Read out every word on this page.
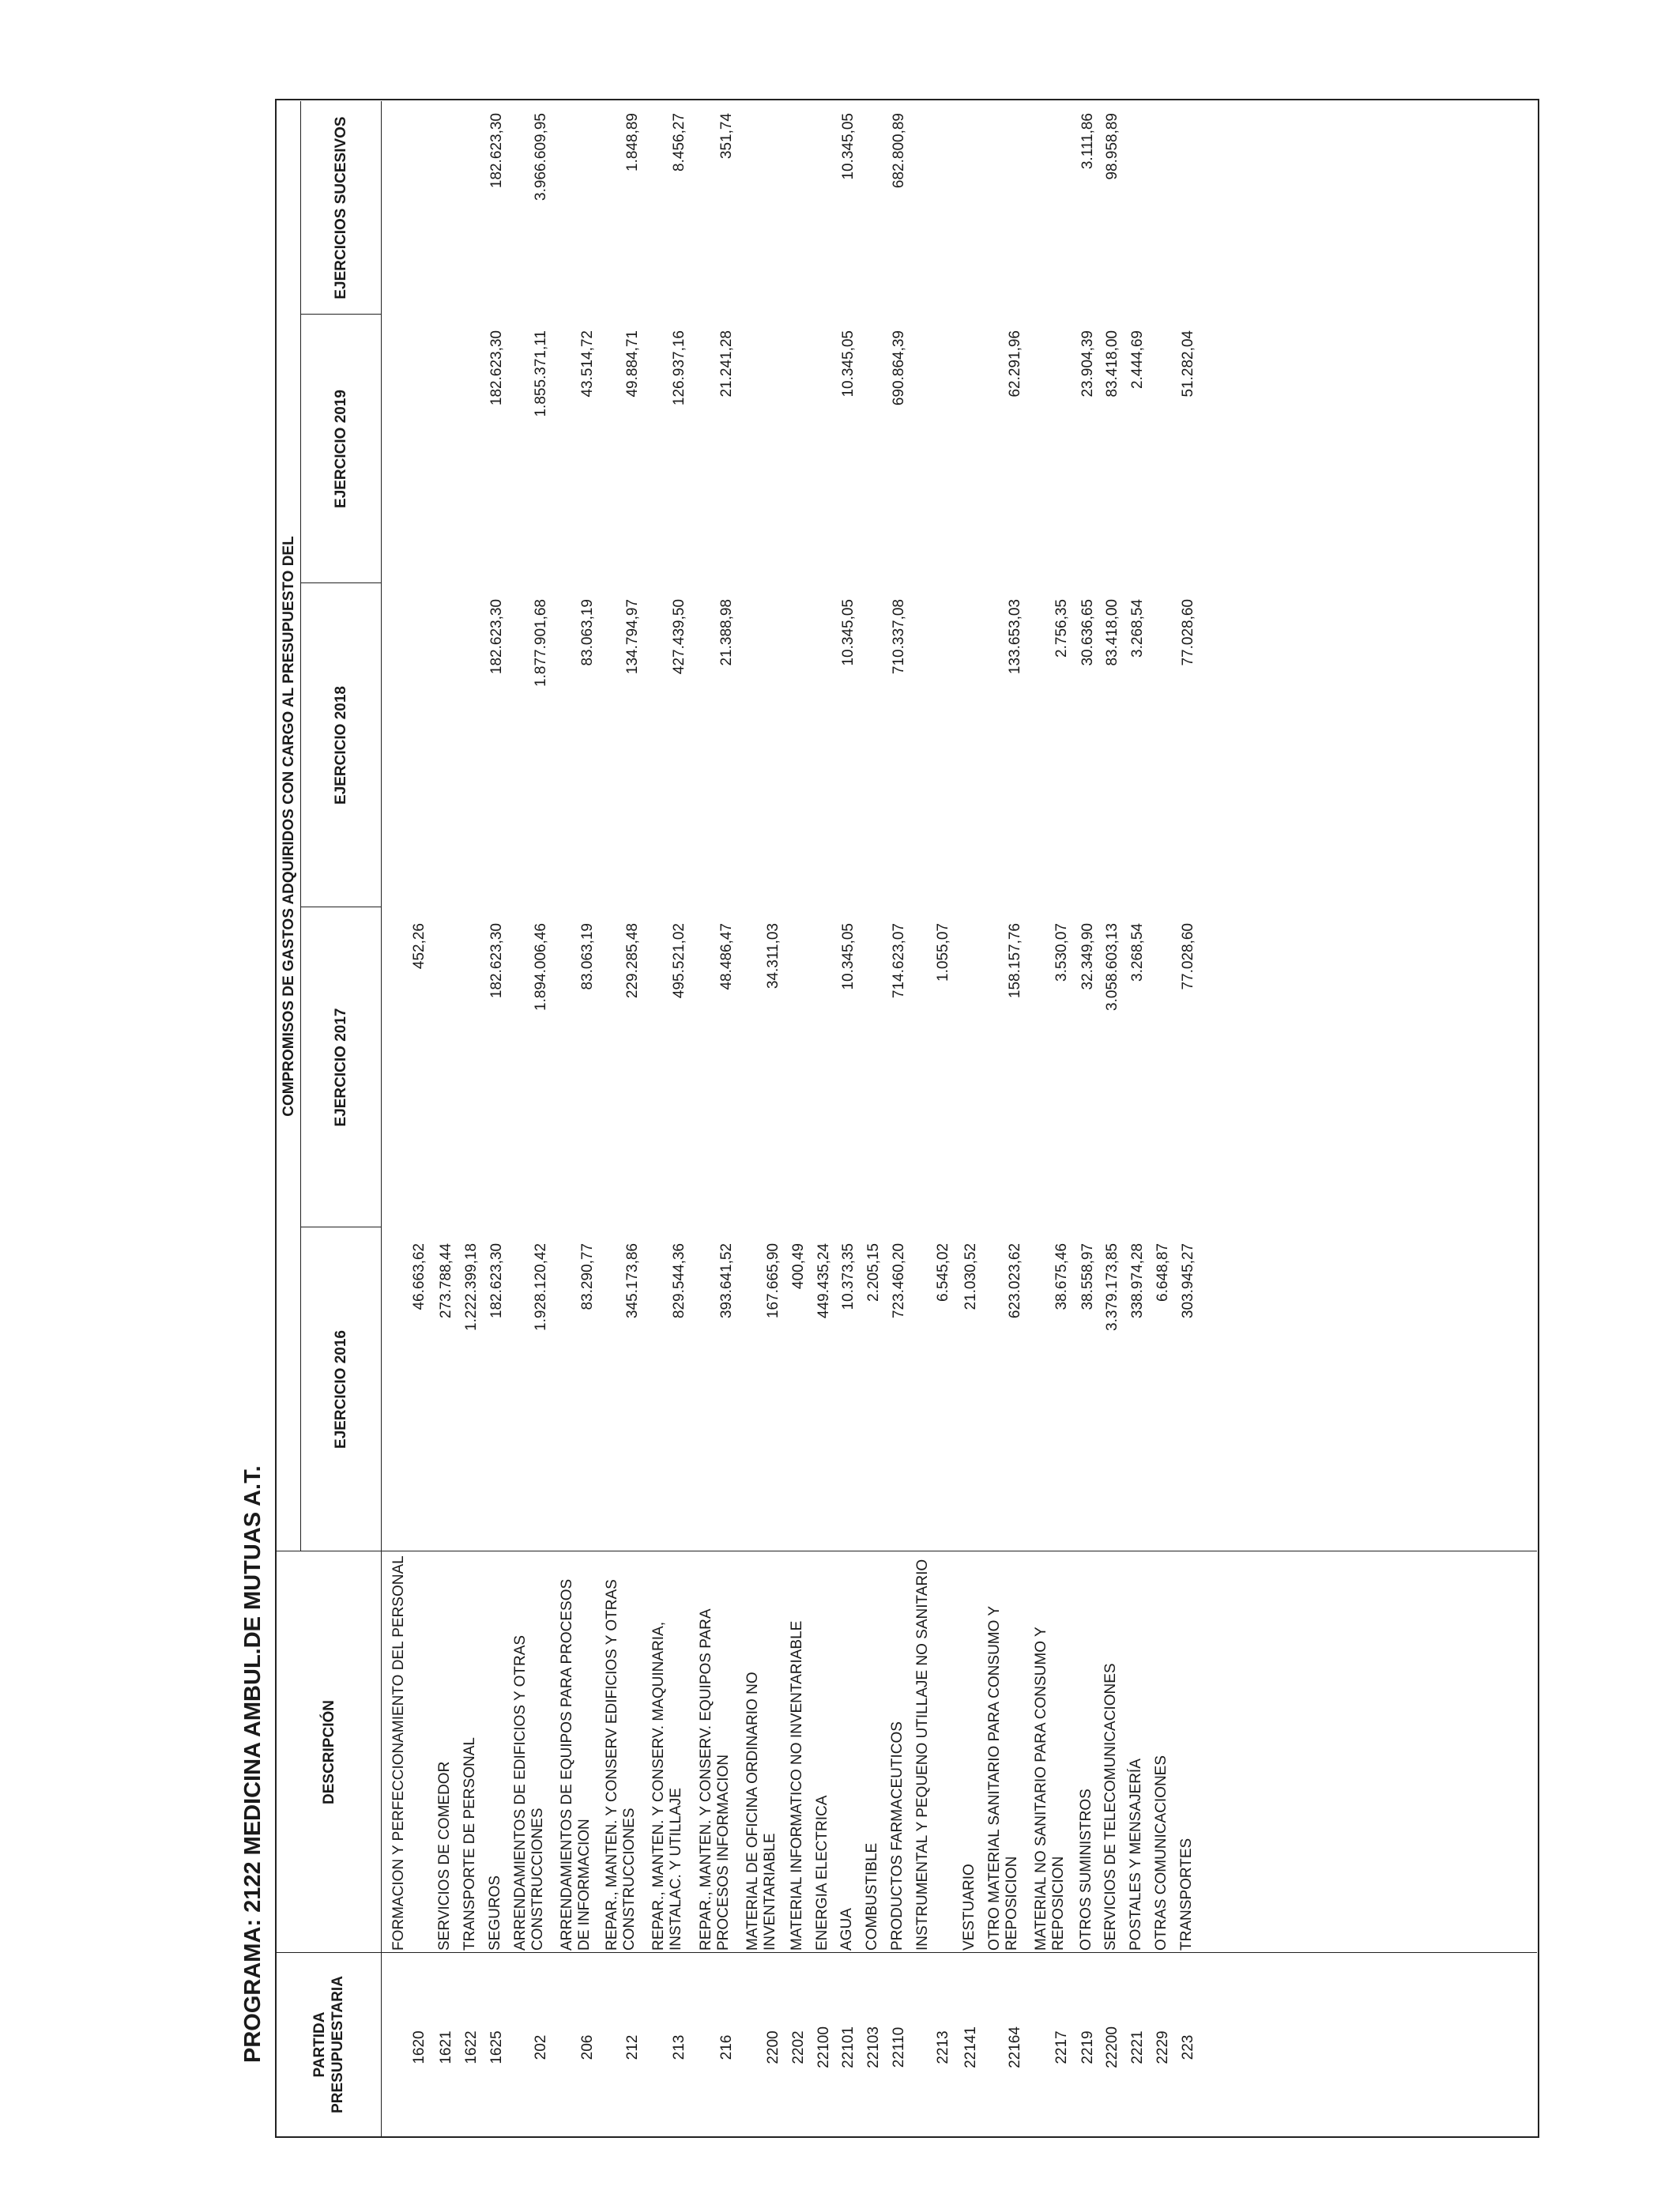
PROGRAMA: 2122 MEDICINA AMBUL.DE MUTUAS A.T.	PARTIDA PRESUPUESTARIA
DESCRIPCIÓN
COMPROMISOS DE GASTOS ADQUIRIDOS CON CARGO AL PRESUPUESTO DEL
EJERCICIO 2016
EJERCICIO 2017
EJERCICIO 2018
EJERCICIO 2019
EJERCICIOS SUCESIVOS
1620
FORMACION Y PERFECCIONAMIENTO DEL PERSONAL
46.663,62
452,26
1621
SERVICIOS DE COMEDOR
273.788,44
1622
TRANSPORTE DE PERSONAL
1.222.399,18
1625
SEGUROS
182.623,30
182.623,30
182.623,30
182.623,30
182.623,30
202
ARRENDAMIENTOS DE EDIFICIOS Y OTRAS CONSTRUCCIONES
1.928.120,42
1.894.006,46
1.877.901,68
1.855.371,11
3.966.609,95
206
ARRENDAMIENTOS DE EQUIPOS PARA PROCESOS DE INFORMACION
83.290,77
83.063,19
83.063,19
43.514,72
212
REPAR., MANTEN. Y CONSERV EDIFICIOS Y OTRAS CONSTRUCCIONES
345.173,86
229.285,48
134.794,97
49.884,71
1.848,89
213
REPAR., MANTEN. Y CONSERV. MAQUINARIA, INSTALAC. Y UTILLAJE
829.544,36
495.521,02
427.439,50
126.937,16
8.456,27
216
REPAR., MANTEN. Y CONSERV. EQUIPOS PARA PROCESOS INFORMACION
393.641,52
48.486,47
21.388,98
21.241,28
351,74
2200
MATERIAL DE OFICINA ORDINARIO NO INVENTARIABLE
167.665,90
34.311,03
2202
MATERIAL INFORMATICO NO INVENTARIABLE
400,49
22100
ENERGIA ELECTRICA
449.435,24
22101
AGUA
10.373,35
10.345,05
10.345,05
10.345,05
10.345,05
22103
COMBUSTIBLE
2.205,15
22110
PRODUCTOS FARMACEUTICOS
723.460,20
714.623,07
710.337,08
690.864,39
682.800,89
2213
INSTRUMENTAL Y PEQUENO UTILLAJE NO SANITARIO
6.545,02
1.055,07
22141
VESTUARIO
21.030,52
22164
OTRO MATERIAL SANITARIO PARA CONSUMO Y REPOSICION
623.023,62
158.157,76
133.653,03
62.291,96
2217
MATERIAL NO SANITARIO PARA CONSUMO Y REPOSICION
38.675,46
3.530,07
2.756,35
2219
OTROS SUMINISTROS
38.558,97
32.349,90
30.636,65
23.904,39
3.111,86
22200
SERVICIOS DE TELECOMUNICACIONES
3.379.173,85
3.058.603,13
83.418,00
83.418,00
98.958,89
2221
POSTALES Y MENSAJERÍA
338.974,28
3.268,54
3.268,54
2.444,69
2229
OTRAS COMUNICACIONES
6.648,87
223
TRANSPORTES
303.945,27
77.028,60
77.028,60
51.282,04
